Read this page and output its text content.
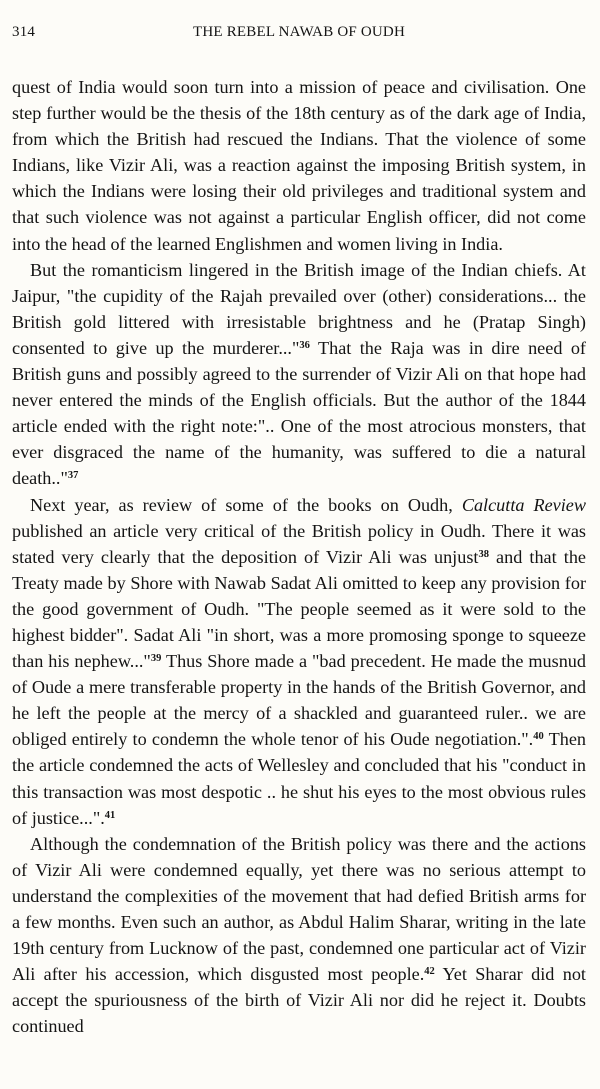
314	THE REBEL NAWAB OF OUDH

quest of India would soon turn into a mission of peace and civilisation. One step further would be the thesis of the 18th century as of the dark age of India, from which the British had rescued the Indians. That the violence of some Indians, like Vizir Ali, was a reaction against the imposing British system, in which the Indians were losing their old privileges and traditional system and that such violence was not against a particular English officer, did not come into the head of the learned Englishmen and women living in India.

But the romanticism lingered in the British image of the Indian chiefs. At Jaipur, "the cupidity of the Rajah prevailed over (other) considerations... the British gold littered with irresistable brightness and he (Pratap Singh) consented to give up the murderer..."$^{36}$ That the Raja was in dire need of British guns and possibly agreed to the surrender of Vizir Ali on that hope had never entered the minds of the English officials. But the author of the 1844 article ended with the right note:".. One of the most atrocious monsters, that ever disgraced the name of the humanity, was suffered to die a natural death.."$^{37}$

Next year, as review of some of the books on Oudh, Calcutta Review published an article very critical of the British policy in Oudh. There it was stated very clearly that the deposition of Vizir Ali was unjust$^{38}$ and that the Treaty made by Shore with Nawab Sadat Ali omitted to keep any provision for the good government of Oudh. "The people seemed as it were sold to the highest bidder". Sadat Ali "in short, was a more promosing sponge to squeeze than his nephew..."$^{39}$ Thus Shore made a "bad precedent. He made the musnud of Oude a mere transferable property in the hands of the British Governor, and he left the people at the mercy of a shackled and guaranteed ruler.. we are obliged entirely to condemn the whole tenor of his Oude negotiation.".$^{40}$ Then the article condemned the acts of Wellesley and concluded that his "conduct in this transaction was most despotic .. he shut his eyes to the most obvious rules of justice...".$^{41}$

Although the condemnation of the British policy was there and the actions of Vizir Ali were condemned equally, yet there was no serious attempt to understand the complexities of the movement that had defied British arms for a few months. Even such an author, as Abdul Halim Sharar, writing in the late 19th century from Lucknow of the past, condemned one particular act of Vizir Ali after his accession, which disgusted most people.$^{42}$ Yet Sharar did not accept the spuriousness of the birth of Vizir Ali nor did he reject it. Doubts continued
